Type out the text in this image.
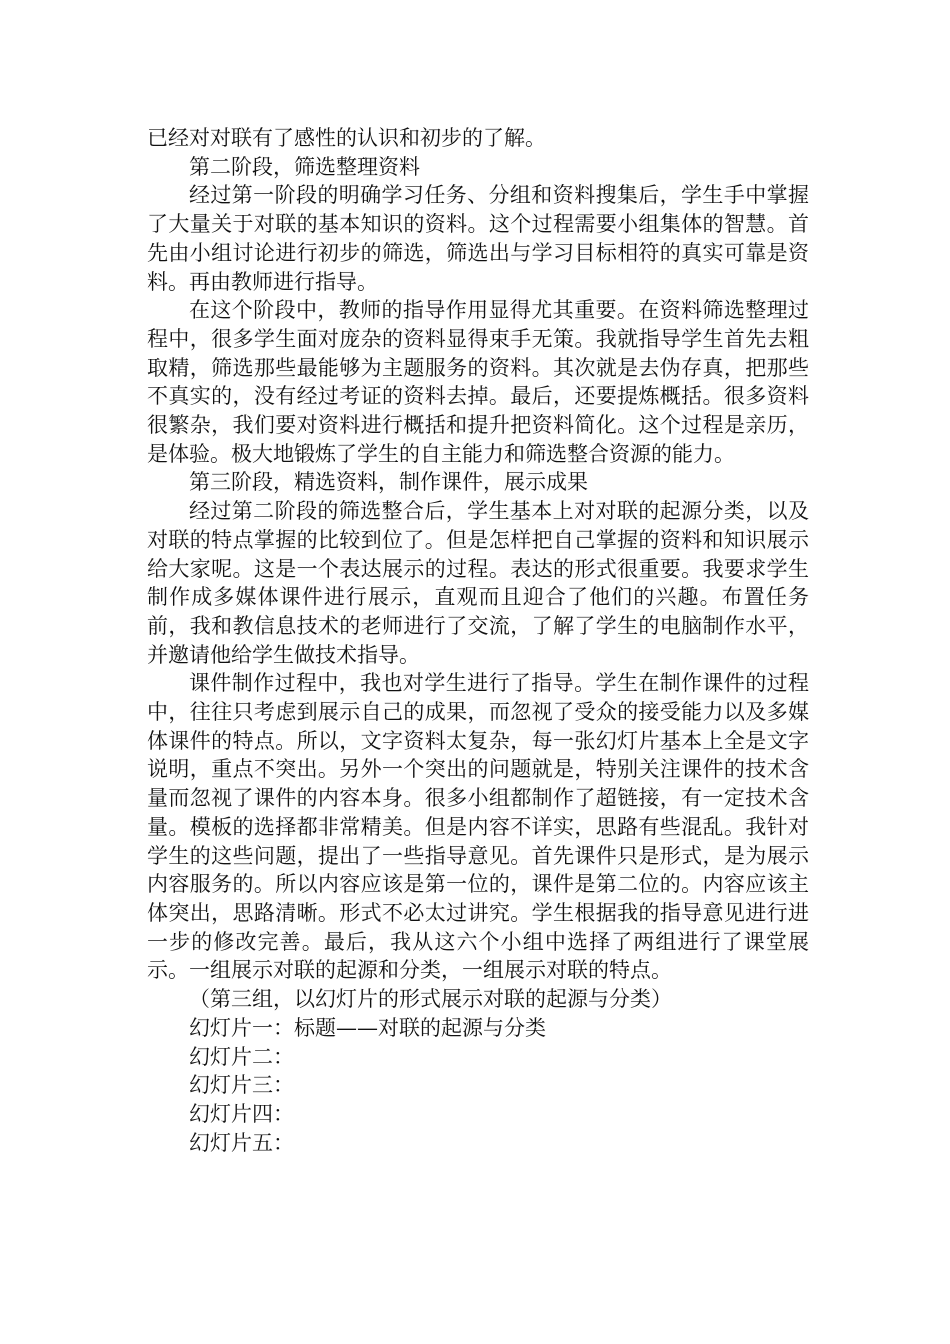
已经对对联有了感性的认识和初步的了解。

第二阶段，筛选整理资料

经过第一阶段的明确学习任务、分组和资料搜集后，学生手中掌握了大量关于对联的基本知识的资料。这个过程需要小组集体的智慧。首先由小组讨论进行初步的筛选，筛选出与学习目标相符的真实可靠是资料。再由教师进行指导。

在这个阶段中，教师的指导作用显得尤其重要。在资料筛选整理过程中，很多学生面对庞杂的资料显得束手无策。我就指导学生首先去粗取精，筛选那些最能够为主题服务的资料。其次就是去伪存真，把那些不真实的，没有经过考证的资料去掉。最后，还要提炼概括。很多资料很繁杂，我们要对资料进行概括和提升把资料简化。这个过程是亲历，是体验。极大地锻炼了学生的自主能力和筛选整合资源的能力。

第三阶段，精选资料，制作课件，展示成果

经过第二阶段的筛选整合后，学生基本上对对联的起源分类，以及对联的特点掌握的比较到位了。但是怎样把自己掌握的资料和知识展示给大家呢。这是一个表达展示的过程。表达的形式很重要。我要求学生制作成多媒体课件进行展示，直观而且迎合了他们的兴趣。布置任务前，我和教信息技术的老师进行了交流，了解了学生的电脑制作水平，并邀请他给学生做技术指导。

课件制作过程中，我也对学生进行了指导。学生在制作课件的过程中，往往只考虑到展示自己的成果，而忽视了受众的接受能力以及多媒体课件的特点。所以，文字资料太复杂，每一张幻灯片基本上全是文字说明，重点不突出。另外一个突出的问题就是，特别关注课件的技术含量而忽视了课件的内容本身。很多小组都制作了超链接，有一定技术含量。模板的选择都非常精美。但是内容不详实，思路有些混乱。我针对学生的这些问题，提出了一些指导意见。首先课件只是形式，是为展示内容服务的。所以内容应该是第一位的，课件是第二位的。内容应该主体突出，思路清晰。形式不必太过讲究。学生根据我的指导意见进行进一步的修改完善。最后，我从这六个小组中选择了两组进行了课堂展示。一组展示对联的起源和分类，一组展示对联的特点。

（第三组，以幻灯片的形式展示对联的起源与分类）

幻灯片一：标题——对联的起源与分类

幻灯片二：

幻灯片三：

幻灯片四：

幻灯片五：
